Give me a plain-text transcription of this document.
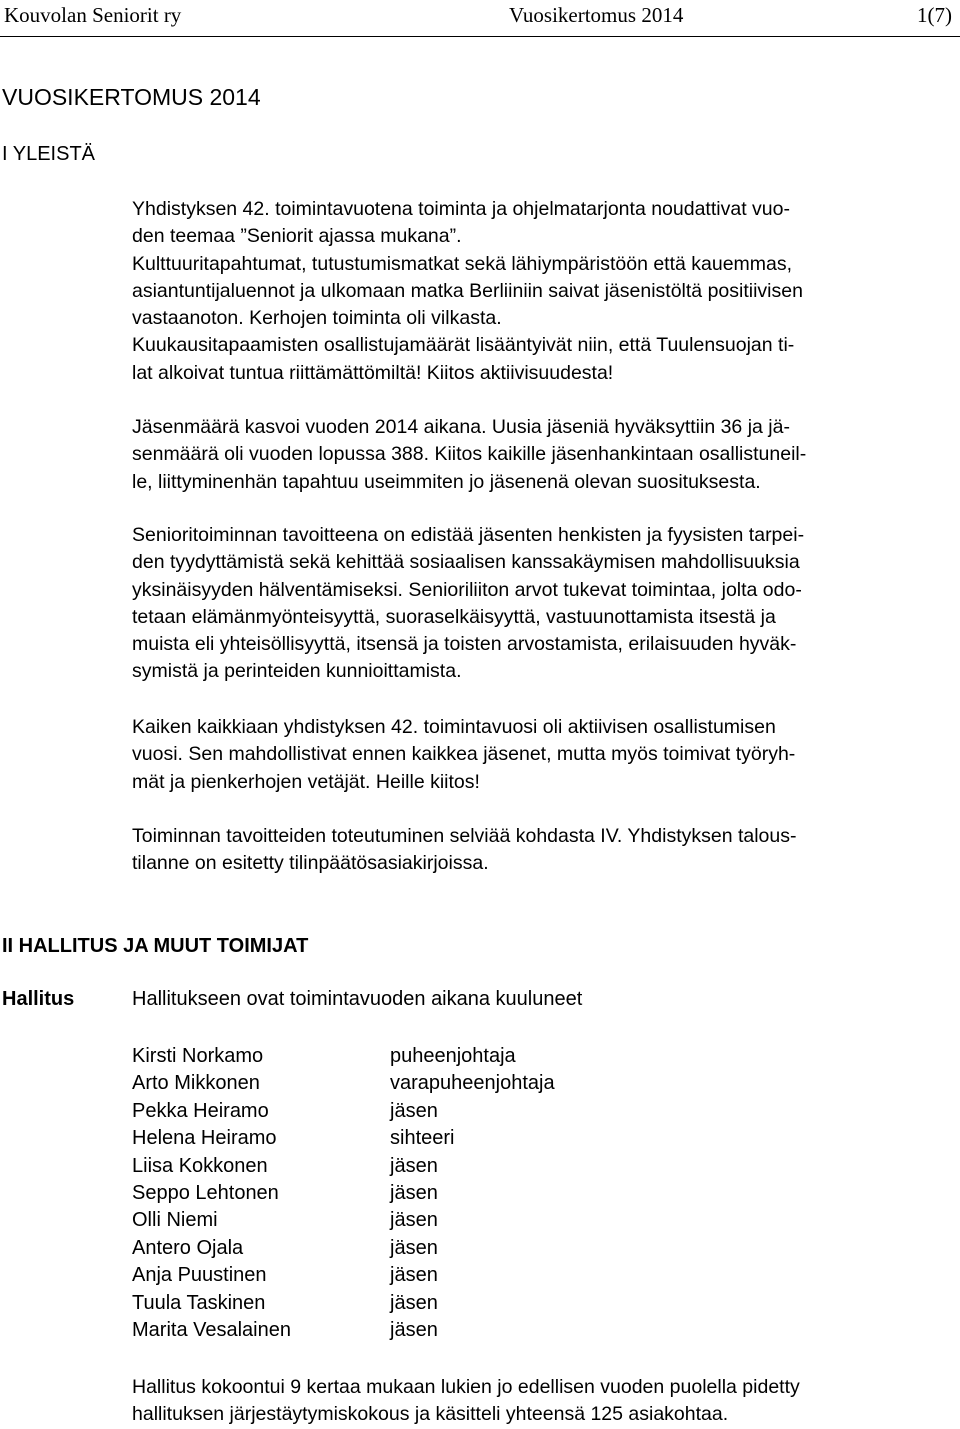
Kouvolan Seniorit ry	Vuosikertomus 2014	1(7)
VUOSIKERTOMUS 2014
I YLEISTÄ

Yhdistyksen 42. toimintavuotena toiminta ja ohjelmatarjonta noudattivat vuo-
den teemaa ”Seniorit ajassa mukana”.
Kulttuuritapahtumat, tutustumismatkat sekä lähiympäristöön että kauemmas,
asiantuntijaluennot ja ulkomaan matka Berliiniin saivat jäsenistöltä positiivisen
vastaanoton. Kerhojen toiminta oli vilkasta.
Kuukausitapaamisten osallistujamäärät lisääntyivät niin, että Tuulensuojan ti-
lat alkoivat tuntua riittämättömiltä! Kiitos aktiivisuudesta!

Jäsenmäärä kasvoi vuoden 2014 aikana. Uusia jäseniä hyväksyttiin 36 ja jä-
senmäärä oli vuoden lopussa 388. Kiitos kaikille jäsenhankintaan osallistuneil-
le, liittyminenhän tapahtuu useimmiten jo jäsenenä olevan suosituksesta.

Senioritoiminnan tavoitteena on edistää jäsenten henkisten ja fyysisten tarpei-
den tyydyttämistä sekä kehittää sosiaalisen kanssakäymisen mahdollisuuksia
yksinäisyyden hälventämiseksi. Senioriliiton arvot tukevat toimintaa, jolta odo-
tetaan elämänmyönteisyyttä, suoraselkäisyyttä, vastuunottamista itsestä ja
muista eli yhteisöllisyyttä, itsensä ja toisten arvostamista, erilaisuuden hyväk-
symistä ja perinteiden kunnioittamista.

Kaiken kaikkiaan yhdistyksen 42. toimintavuosi oli aktiivisen osallistumisen
vuosi. Sen mahdollistivat ennen kaikkea jäsenet, mutta myös toimivat työryh-
mät ja pienkerhojen vetäjät. Heille kiitos!

Toiminnan tavoitteiden toteutuminen selviää kohdasta IV. Yhdistyksen talous-
tilanne on esitetty tilinpäätösasiakirjoissa.

II HALLITUS JA MUUT TOIMIJAT
Hallitus	Hallitukseen ovat toimintavuoden aikana kuuluneet
Kirsti Norkamo	puheenjohtaja
Arto Mikkonen	varapuheenjohtaja
Pekka Heiramo	jäsen
Helena Heiramo	sihteeri
Liisa Kokkonen	jäsen
Seppo Lehtonen	jäsen
Olli Niemi	jäsen
Antero Ojala	jäsen
Anja Puustinen	jäsen
Tuula Taskinen	jäsen
Marita Vesalainen	jäsen

Hallitus kokoontui 9 kertaa mukaan lukien jo edellisen vuoden puolella pidetty
hallituksen järjestäytymiskokous ja käsitteli yhteensä 125 asiakohtaa.
